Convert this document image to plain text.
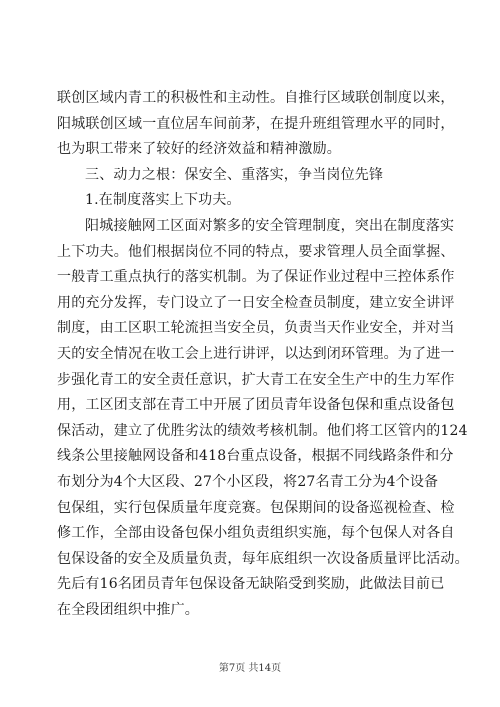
联创区域内青工的积极性和主动性。自推行区域联创制度以来，
阳城联创区域一直位居车间前茅，在提升班组管理水平的同时，
也为职工带来了较好的经济效益和精神激励。
三、动力之根：保安全、重落实，争当岗位先锋
1.在制度落实上下功夫。
阳城接触网工区面对繁多的安全管理制度，突出在制度落实
上下功夫。他们根据岗位不同的特点，要求管理人员全面掌握、
一般青工重点执行的落实机制。为了保证作业过程中三控体系作
用的充分发挥，专门设立了一日安全检查员制度，建立安全讲评
制度，由工区职工轮流担当安全员，负责当天作业安全，并对当
天的安全情况在收工会上进行讲评，以达到闭环管理。为了进一
步强化青工的安全责任意识，扩大青工在安全生产中的生力军作
用，工区团支部在青工中开展了团员青年设备包保和重点设备包
保活动，建立了优胜劣汰的绩效考核机制。他们将工区管内的124
线条公里接触网设备和418台重点设备，根据不同线路条件和分
布划分为4个大区段、27个小区段，将27名青工分为4个设备
包保组，实行包保质量年度竞赛。包保期间的设备巡视检查、检
修工作，全部由设备包保小组负责组织实施，每个包保人对各自
包保设备的安全及质量负责，每年底组织一次设备质量评比活动。
先后有16名团员青年包保设备无缺陷受到奖励，此做法目前已
在全段团组织中推广。
第7页 共14页
